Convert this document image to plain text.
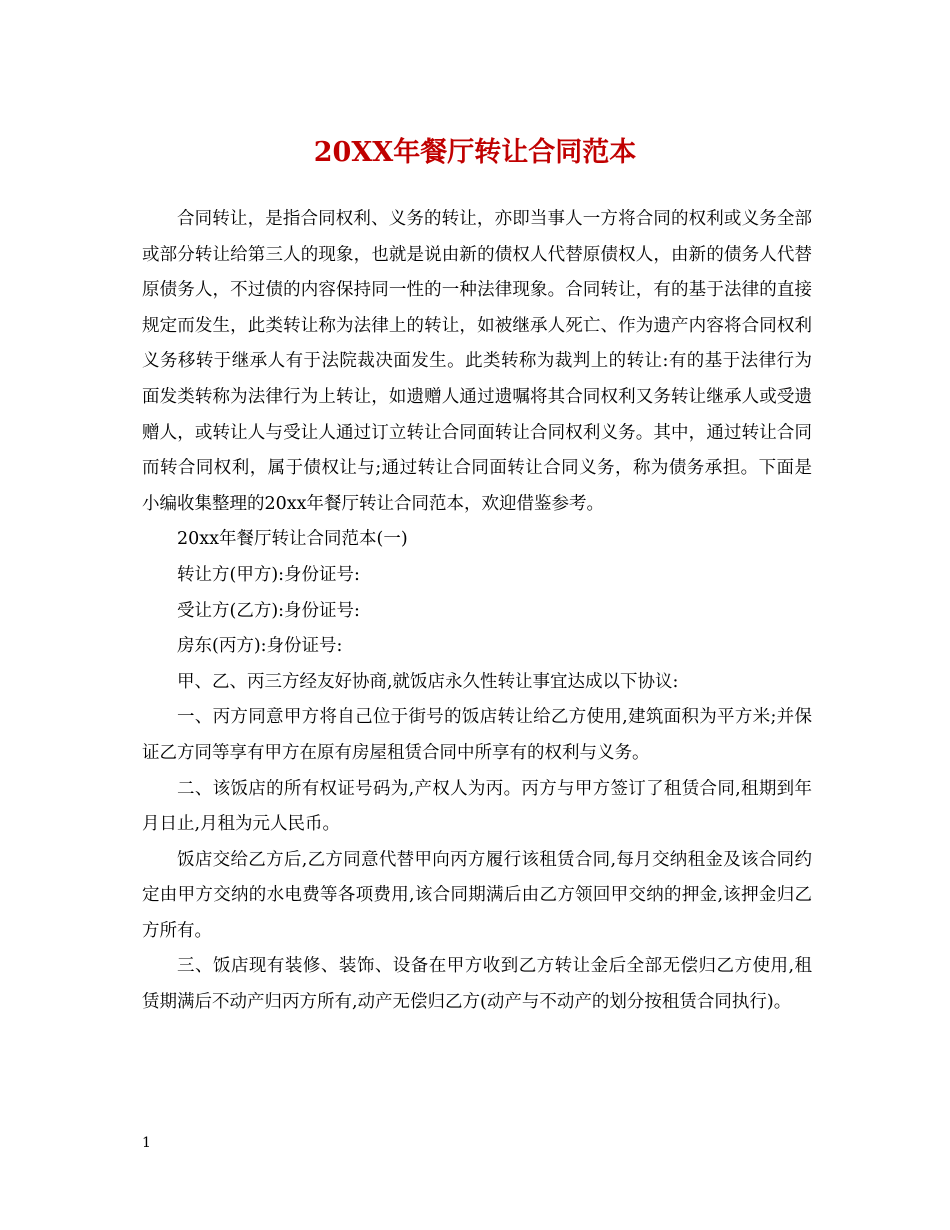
20XX年餐厅转让合同范本

合同转让，是指合同权利、义务的转让，亦即当事人一方将合同的权利或义务全部或部分转让给第三人的现象，也就是说由新的债权人代替原债权人，由新的债务人代替原债务人，不过债的内容保持同一性的一种法律现象。合同转让，有的基于法律的直接规定而发生，此类转让称为法律上的转让，如被继承人死亡、作为遗产内容将合同权利义务移转于继承人有于法院裁决面发生。此类转称为裁判上的转让:有的基于法律行为面发类转称为法律行为上转让，如遗赠人通过遗嘱将其合同权利又务转让继承人或受遗赠人，或转让人与受让人通过订立转让合同面转让合同权利义务。其中，通过转让合同而转合同权利，属于债权让与;通过转让合同面转让合同义务，称为债务承担。下面是小编收集整理的20xx年餐厅转让合同范本，欢迎借鉴参考。

20xx年餐厅转让合同范本(一)

转让方(甲方):身份证号:

受让方(乙方):身份证号:

房东(丙方):身份证号:

甲、乙、丙三方经友好协商,就饭店永久性转让事宜达成以下协议:

一、丙方同意甲方将自己位于街号的饭店转让给乙方使用,建筑面积为平方米;并保证乙方同等享有甲方在原有房屋租赁合同中所享有的权利与义务。

二、该饭店的所有权证号码为,产权人为丙。丙方与甲方签订了租赁合同,租期到年月日止,月租为元人民币。

饭店交给乙方后,乙方同意代替甲向丙方履行该租赁合同,每月交纳租金及该合同约定由甲方交纳的水电费等各项费用,该合同期满后由乙方领回甲交纳的押金,该押金归乙方所有。

三、饭店现有装修、装饰、设备在甲方收到乙方转让金后全部无偿归乙方使用,租赁期满后不动产归丙方所有,动产无偿归乙方(动产与不动产的划分按租赁合同执行)。

1
